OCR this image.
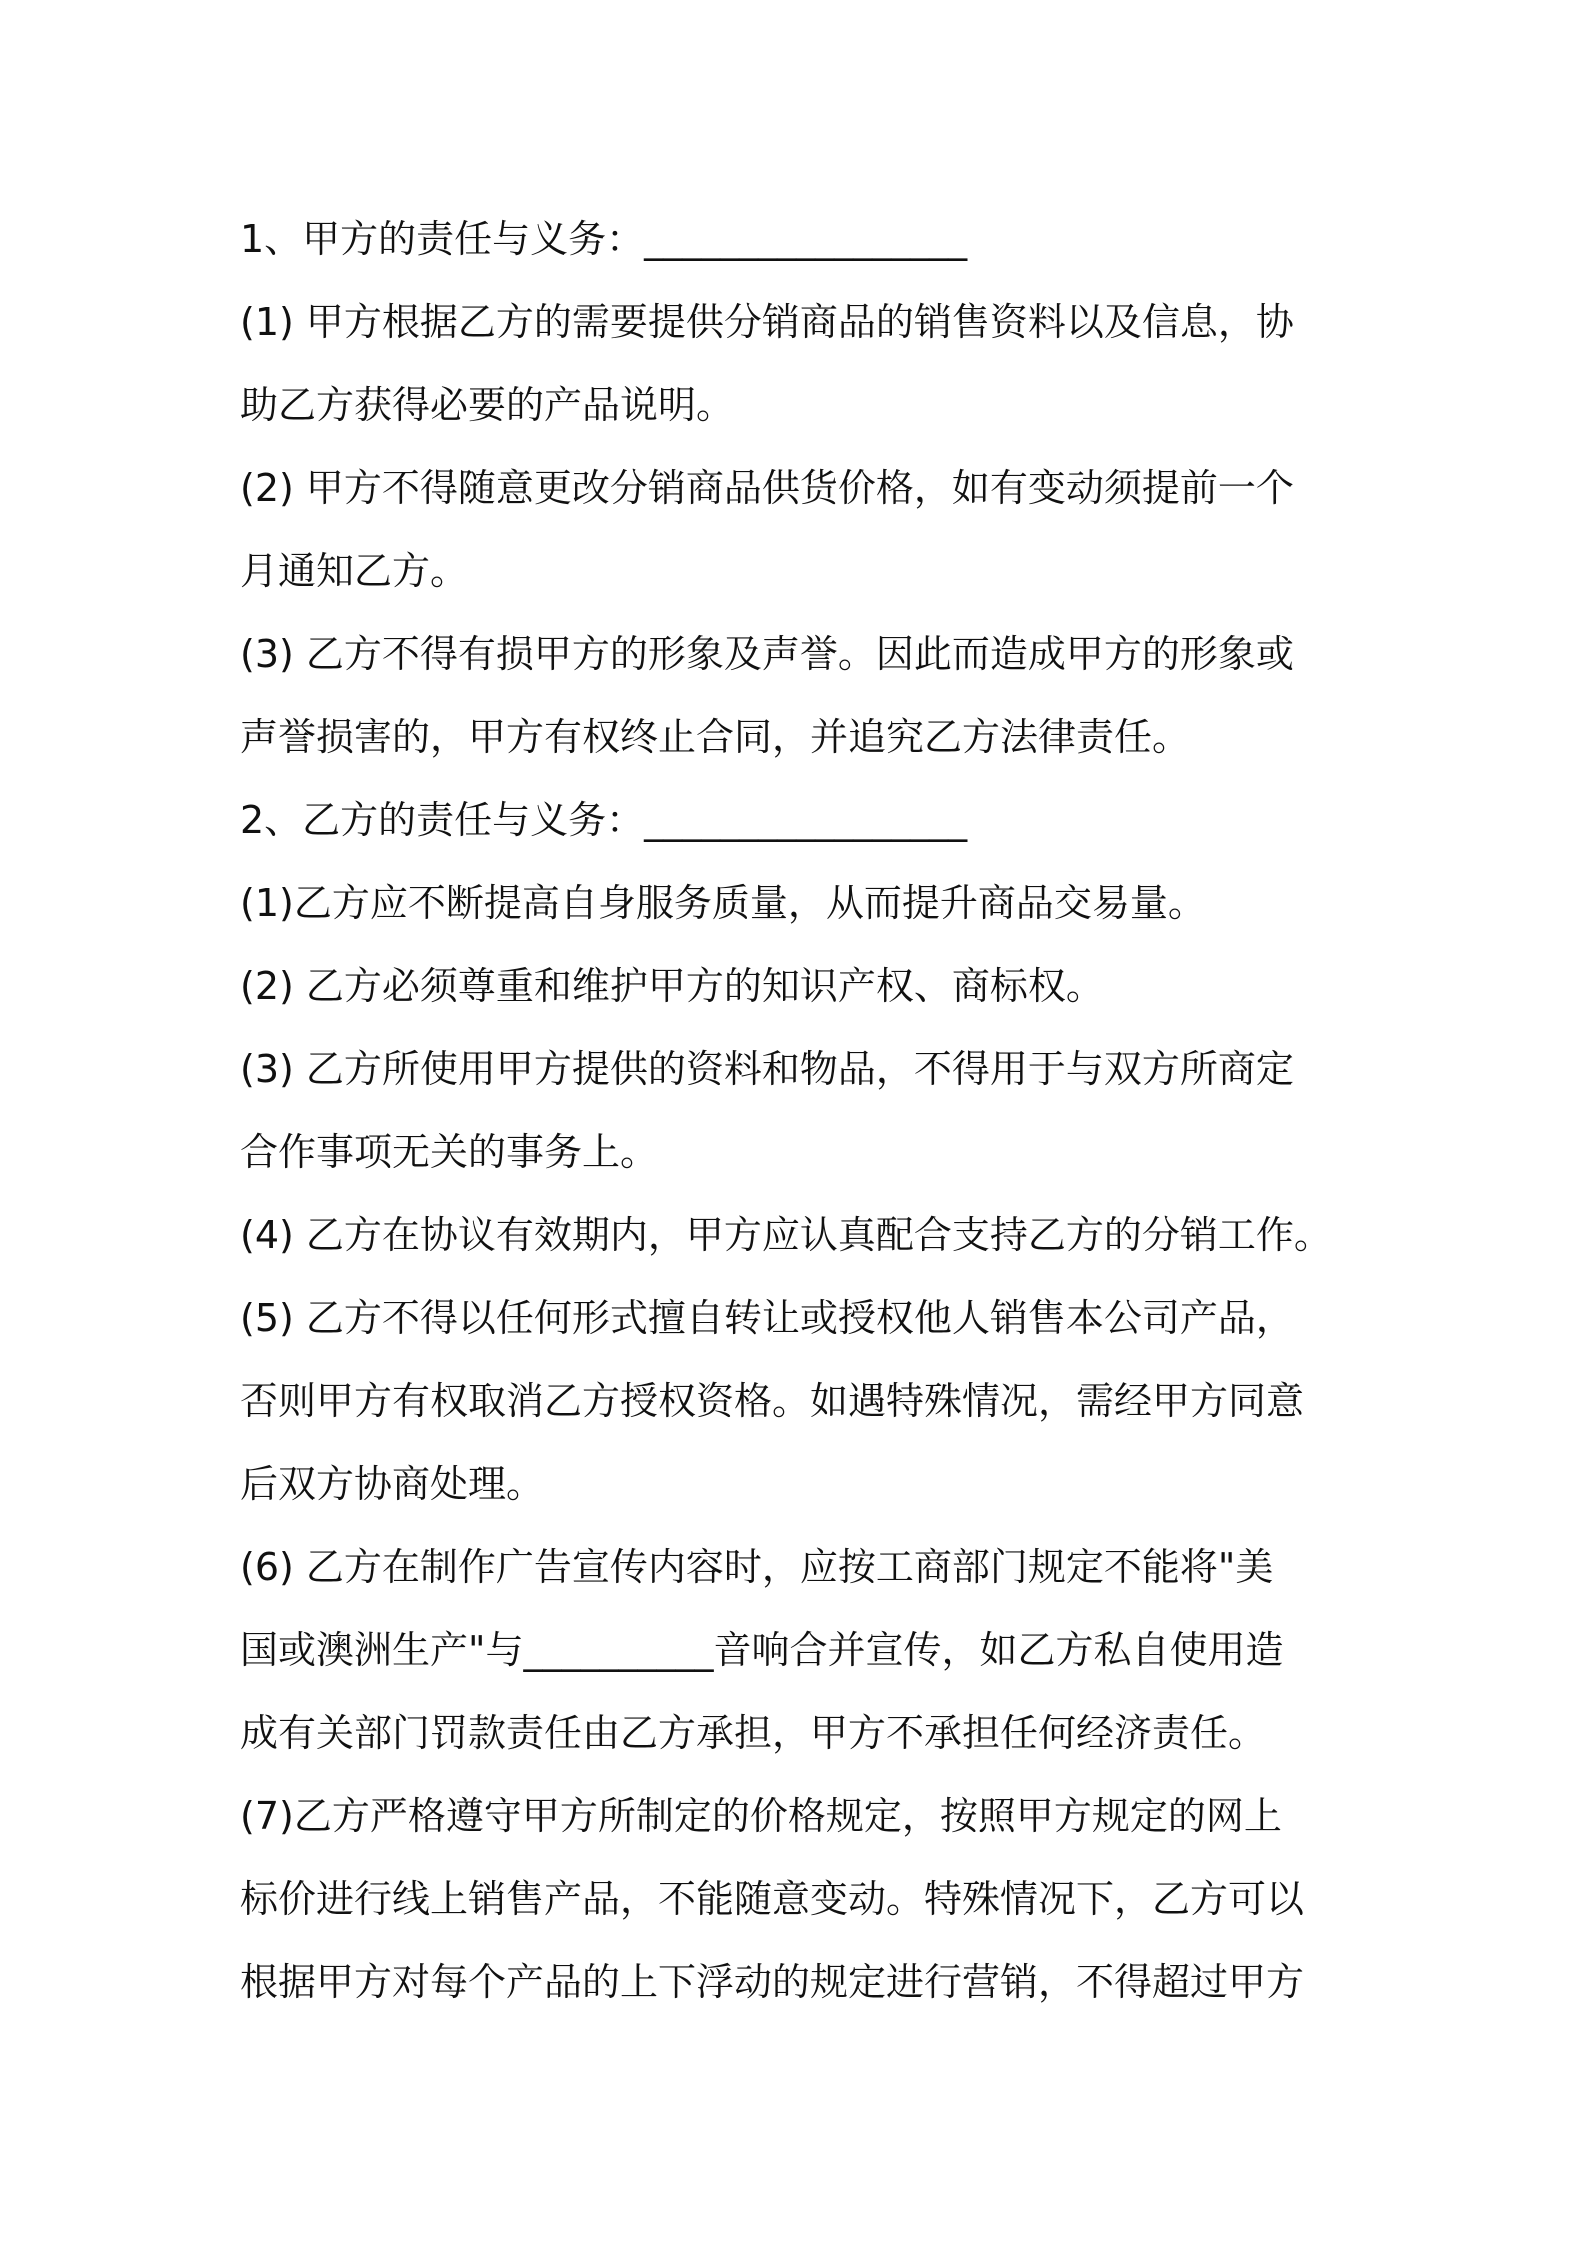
1、甲方的责任与义务：_________________
(1) 甲方根据乙方的需要提供分销商品的销售资料以及信息，协
助乙方获得必要的产品说明。
(2) 甲方不得随意更改分销商品供货价格，如有变动须提前一个
月通知乙方。
(3) 乙方不得有损甲方的形象及声誉。因此而造成甲方的形象或
声誉损害的，甲方有权终止合同，并追究乙方法律责任。
2、乙方的责任与义务：_________________
(1)乙方应不断提高自身服务质量，从而提升商品交易量。
(2) 乙方必须尊重和维护甲方的知识产权、商标权。
(3) 乙方所使用甲方提供的资料和物品，不得用于与双方所商定
合作事项无关的事务上。
(4) 乙方在协议有效期内，甲方应认真配合支持乙方的分销工作。
(5) 乙方不得以任何形式擅自转让或授权他人销售本公司产品，
否则甲方有权取消乙方授权资格。如遇特殊情况，需经甲方同意
后双方协商处理。
(6) 乙方在制作广告宣传内容时，应按工商部门规定不能将"美
国或澳洲生产"与__________音响合并宣传，如乙方私自使用造
成有关部门罚款责任由乙方承担，甲方不承担任何经济责任。
(7)乙方严格遵守甲方所制定的价格规定，按照甲方规定的网上
标价进行线上销售产品，不能随意变动。特殊情况下，乙方可以
根据甲方对每个产品的上下浮动的规定进行营销，不得超过甲方
